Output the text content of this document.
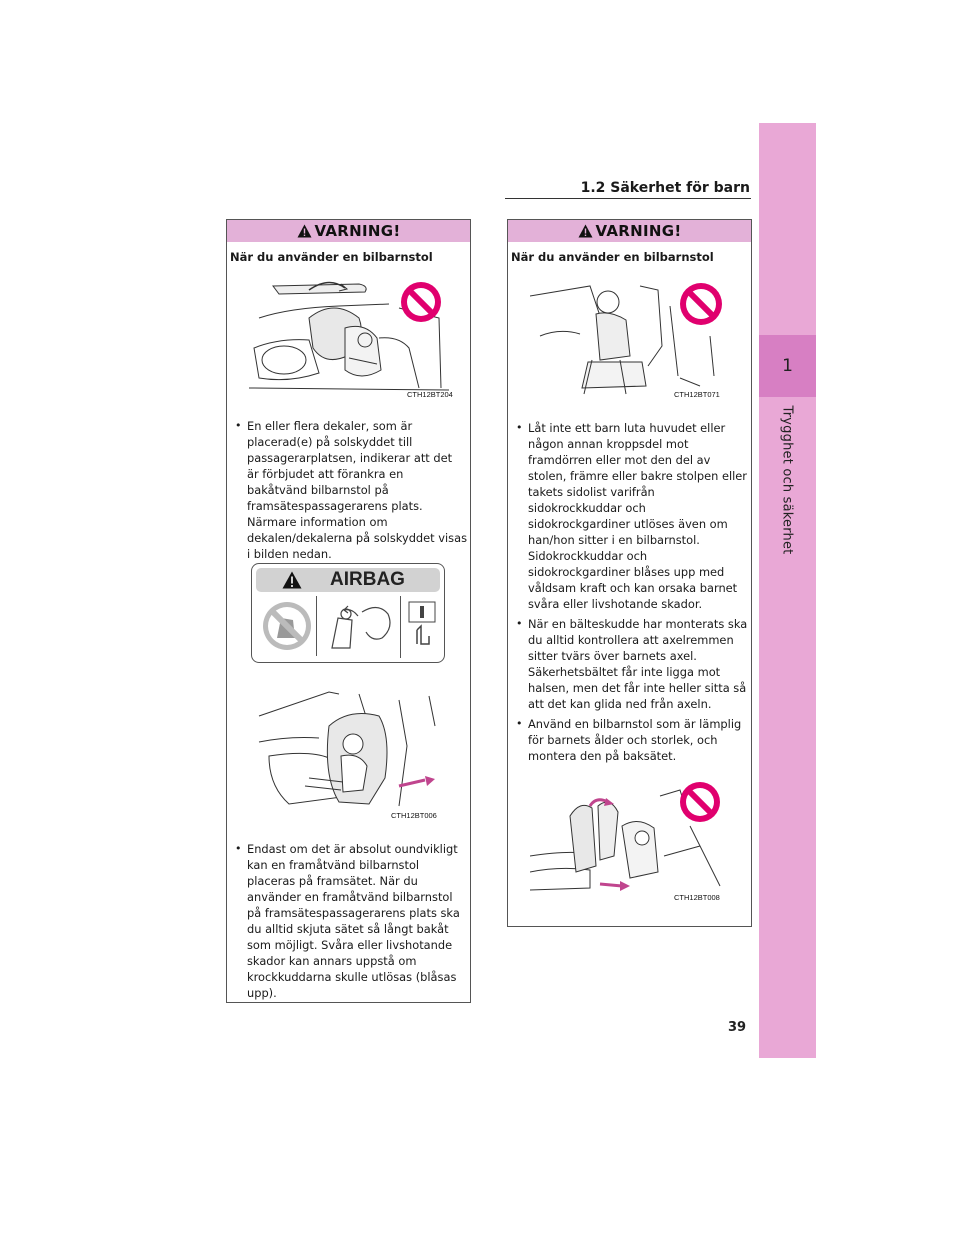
1
Trygghet och säkerhet
1.2 Säkerhet för barn
VARNING!
När du använder en bilbarnstol
CTH12BT204
• En eller flera dekaler, som är placerad(e) på solskyddet till passagerarplatsen, indikerar att det är förbjudet att förankra en bakåtvänd bilbarnstol på framsätespassagerarens plats. Närmare information om dekalen/dekalerna på solskyddet visas i bilden nedan.
AIRBAG
CTH12BT006
• Endast om det är absolut oundvikligt kan en framåtvänd bilbarnstol placeras på framsätet. När du använder en framåtvänd bilbarnstol på framsätespassagerarens plats ska du alltid skjuta sätet så långt bakåt som möjligt. Svåra eller livshotande skador kan annars uppstå om krockkuddarna skulle utlösas (blåsas upp).
VARNING!
När du använder en bilbarnstol
CTH12BT071
• Låt inte ett barn luta huvudet eller någon annan kroppsdel mot framdörren eller mot den del av stolen, främre eller bakre stolpen eller takets sidolist varifrån sidokrockkuddar och sidokrockgardiner utlöses även om han/hon sitter i en bilbarnstol. Sidokrockkuddar och sidokrockgardiner blåses upp med våldsam kraft och kan orsaka barnet svåra eller livshotande skador.
• När en bälteskudde har monterats ska du alltid kontrollera att axelremmen sitter tvärs över barnets axel. Säkerhetsbältet får inte ligga mot halsen, men det får inte heller sitta så att det kan glida ned från axeln.
• Använd en bilbarnstol som är lämplig för barnets ålder och storlek, och montera den på baksätet.
CTH12BT008
39
